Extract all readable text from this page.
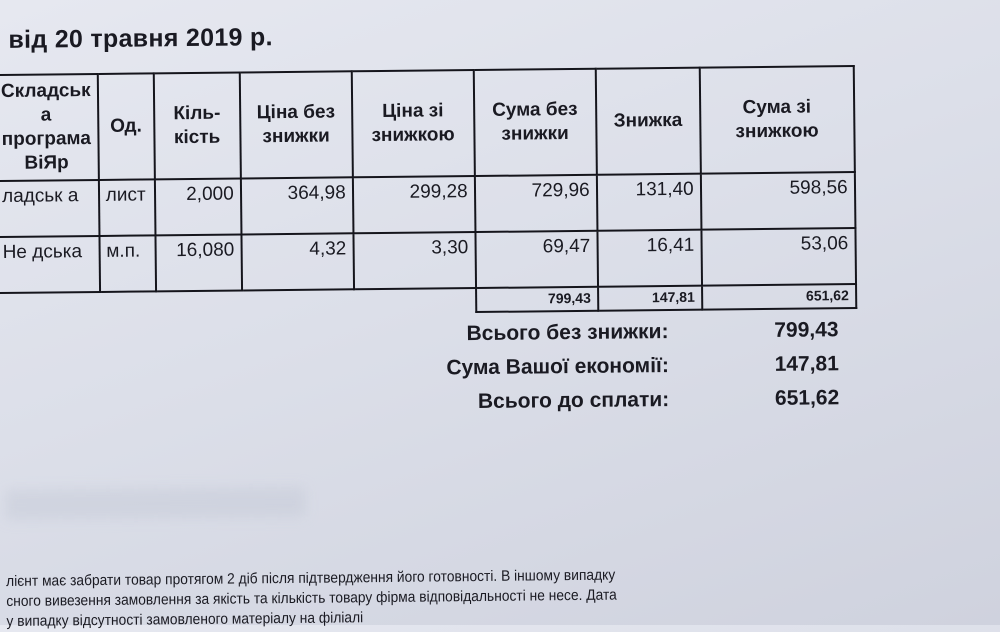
від 20 травня 2019 р.
Складськ а програма ВіЯр	Од.	Кіль-кість	Ціна без знижки	Ціна зі знижкою	Сума без знижки	Знижка	Сума зі знижкою
ладськ а	лист	2,000	364,98	299,28	729,96	131,40	598,56
Не дська	м.п.	16,080	4,32	3,30	69,47	16,41	53,06
					799,43	147,81	651,62
Всього без знижки:	799,43
Сума Вашої економії:	147,81
Всього до сплати:	651,62
лієнт має забрати товар протягом 2 діб після підтвердження його готовності. В іншому випадку
сного вивезення замовлення за якість та кількість товару фірма відповідальності не несе. Дата
у випадку відсутності замовленого матеріалу на філіалі
